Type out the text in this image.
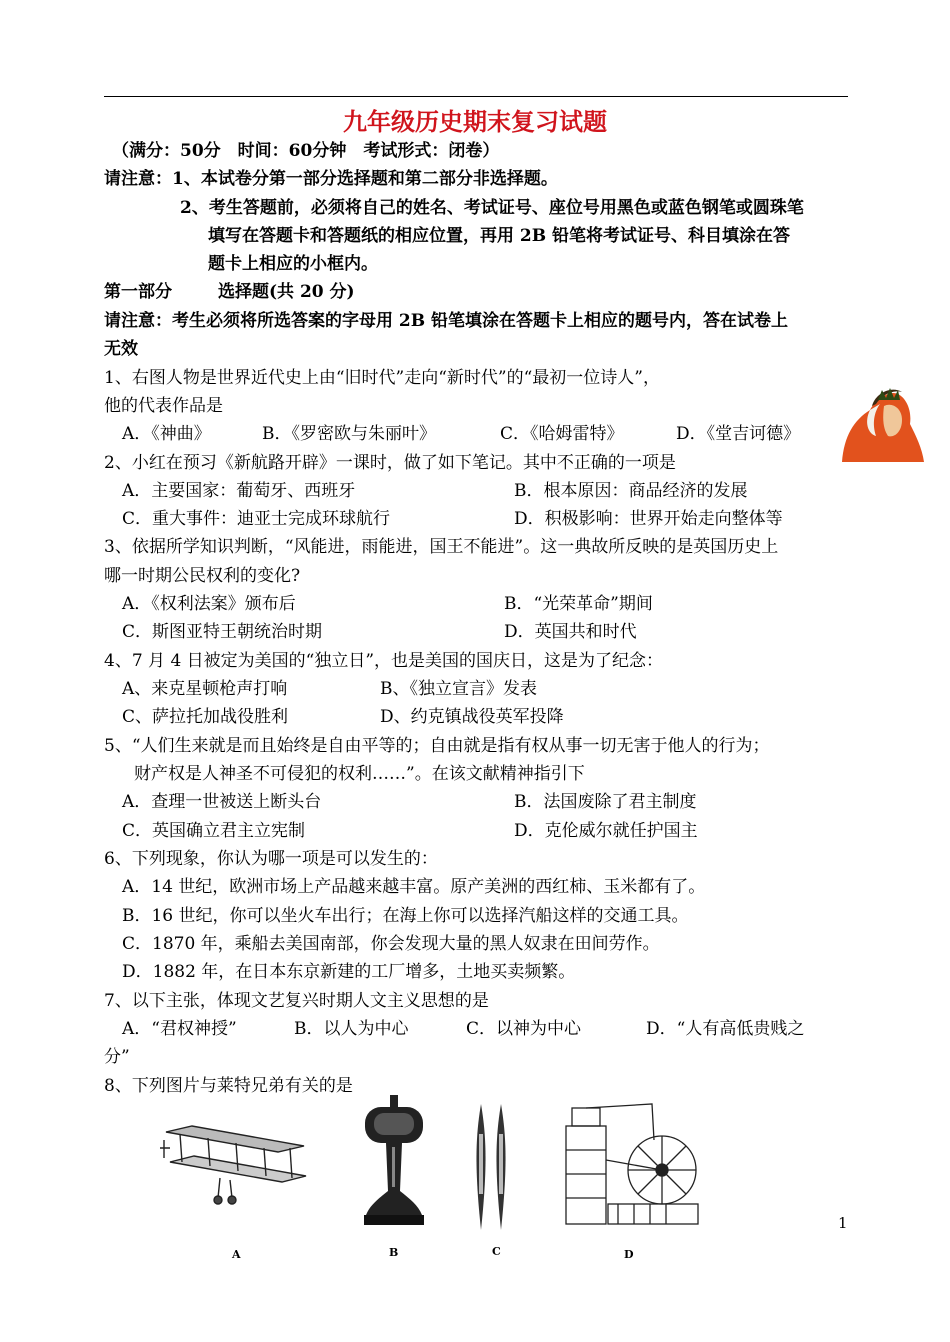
九年级历史期末复习试题
（满分：50分　时间：60分钟　考试形式：闭卷）
请注意：1、本试卷分第一部分选择题和第二部分非选择题。
2、考生答题前，必须将自己的姓名、考试证号、座位号用黑色或蓝色钢笔或圆珠笔
填写在答题卡和答题纸的相应位置，再用 2B 铅笔将考试证号、科目填涂在答
题卡上相应的小框内。
第一部分	选择题(共 20 分)
请注意：考生必须将所选答案的字母用 2B 铅笔填涂在答题卡上相应的题号内，答在试卷上
无效
1、右图人物是世界近代史上由“旧时代”走向“新时代”的“最初一位诗人”，
他的代表作品是
A．《神曲》	B．《罗密欧与朱丽叶》	C．《哈姆雷特》	D．《堂吉诃德》
2、小红在预习《新航路开辟》一课时，做了如下笔记。其中不正确的一项是
A．主要国家：葡萄牙、西班牙	B．根本原因：商品经济的发展
C．重大事件：迪亚士完成环球航行	D．积极影响：世界开始走向整体等
3、依据所学知识判断，“风能进，雨能进，国王不能进”。这一典故所反映的是英国历史上
哪一时期公民权利的变化?
A．《权利法案》颁布后	B．“光荣革命”期间
C．斯图亚特王朝统治时期	D．英国共和时代
4、7 月 4 日被定为美国的“独立日”，也是美国的国庆日，这是为了纪念：
A、来克星顿枪声打响	B、《独立宣言》发表
C、萨拉托加战役胜利	D、约克镇战役英军投降
5、“人们生来就是而且始终是自由平等的；自由就是指有权从事一切无害于他人的行为；
财产权是人神圣不可侵犯的权利……”。在该文献精神指引下
A．查理一世被送上断头台	B．法国废除了君主制度
C．英国确立君主立宪制	D．克伦威尔就任护国主
6、下列现象，你认为哪一项是可以发生的：
A．14 世纪，欧洲市场上产品越来越丰富。原产美洲的西红柿、玉米都有了。
B．16 世纪，你可以坐火车出行；在海上你可以选择汽船这样的交通工具。
C．1870 年，乘船去美国南部，你会发现大量的黑人奴隶在田间劳作。
D．1882 年，在日本东京新建的工厂增多，土地买卖频繁。
7、以下主张，体现文艺复兴时期人文主义思想的是
A．“君权神授”	B．以人为中心	C．以神为中心	D．“人有高低贵贱之
分”
8、下列图片与莱特兄弟有关的是
A	B	C	D
1
